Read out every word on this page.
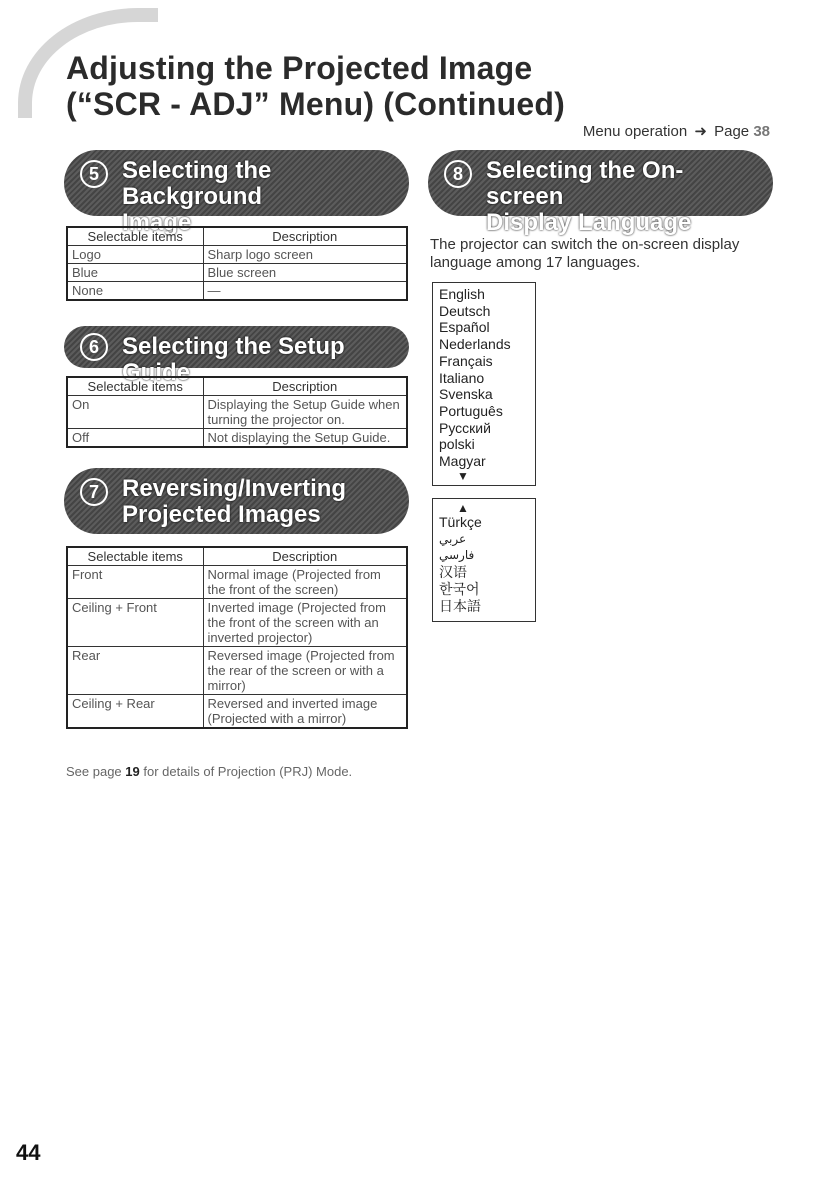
Adjusting the Projected Image
(“SCR - ADJ” Menu) (Continued)
Menu operation ➜ Page 38
5 Selecting the Background
Image
Selectable items	Description
Logo	Sharp logo screen
Blue	Blue screen
None	—
6 Selecting the Setup Guide
Selectable items	Description
On	Displaying the Setup Guide when turning the projector on.
Off	Not displaying the Setup Guide.
7 Reversing/Inverting
Projected Images
Selectable items	Description
Front	Normal image (Projected from the front of the screen)
Ceiling + Front	Inverted image (Projected from the front of the screen with an inverted projector)
Rear	Reversed image (Projected from the rear of the screen or with a mirror)
Ceiling + Rear	Reversed and inverted image (Projected with a mirror)
See page 19 for details of Projection (PRJ) Mode.
8 Selecting the On-screen
Display Language

The projector can switch the on-screen display language among 17 languages.

English
Deutsch
Español
Nederlands
Français
Italiano
Svenska
Português
Русский
polski
Magyar
▼
▲
Türkçe
عربي
فارسي
汉语
한국어
日本語
44
